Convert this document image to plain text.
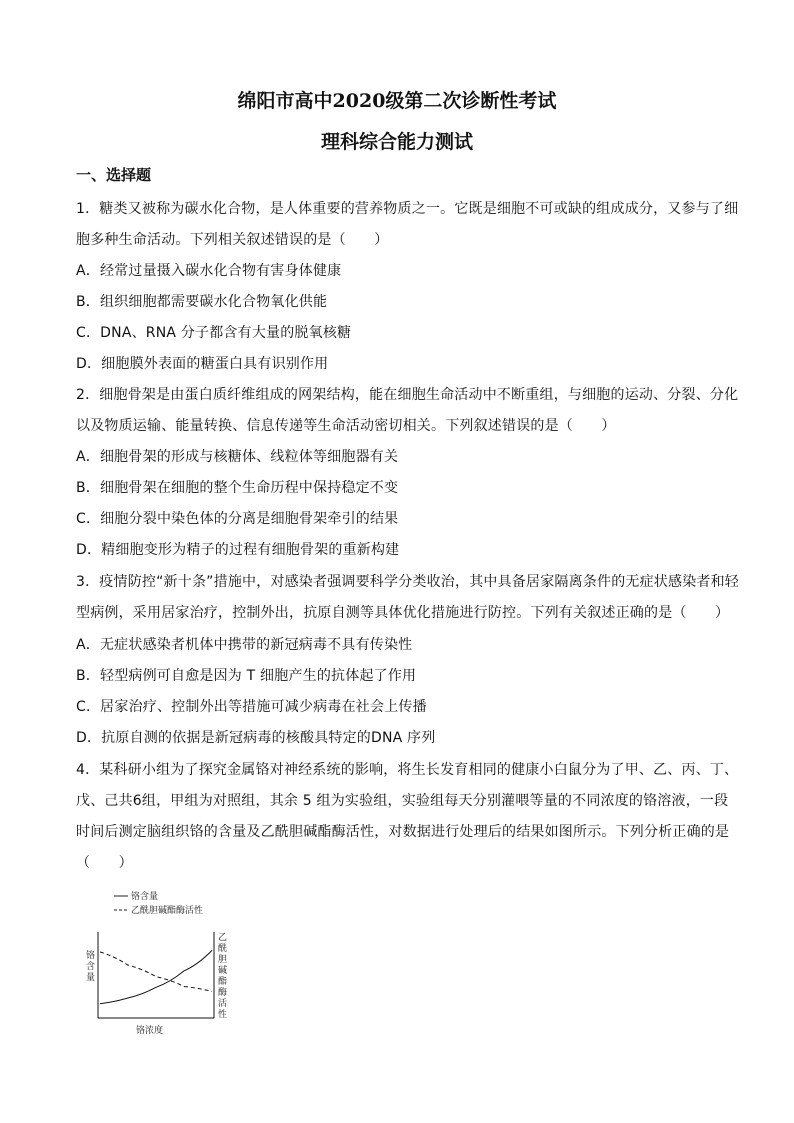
绵阳市高中2020级第二次诊断性考试
理科综合能力测试
一、选择题
1．糖类又被称为碳水化合物，是人体重要的营养物质之一。它既是细胞不可或缺的组成成分，又参与了细
胞多种生命活动。下列相关叙述错误的是（　　）
A．经常过量摄入碳水化合物有害身体健康
B．组织细胞都需要碳水化合物氧化供能
C．DNA、RNA 分子都含有大量的脱氧核糖
D．细胞膜外表面的糖蛋白具有识别作用
2．细胞骨架是由蛋白质纤维组成的网架结构，能在细胞生命活动中不断重组，与细胞的运动、分裂、分化
以及物质运输、能量转换、信息传递等生命活动密切相关。下列叙述错误的是（　　）
A．细胞骨架的形成与核糖体、线粒体等细胞器有关
B．细胞骨架在细胞的整个生命历程中保持稳定不变
C．细胞分裂中染色体的分离是细胞骨架牵引的结果
D．精细胞变形为精子的过程有细胞骨架的重新构建
3．疫情防控“新十条”措施中，对感染者强调要科学分类收治，其中具备居家隔离条件的无症状感染者和轻
型病例，采用居家治疗，控制外出，抗原自测等具体优化措施进行防控。下列有关叙述正确的是（　　）
A．无症状感染者机体中携带的新冠病毒不具有传染性
B．轻型病例可自愈是因为 T 细胞产生的抗体起了作用
C．居家治疗、控制外出等措施可减少病毒在社会上传播
D．抗原自测的依据是新冠病毒的核酸具特定的DNA 序列
4．某科研小组为了探究金属铬对神经系统的影响，将生长发育相同的健康小白鼠分为了甲、乙、丙、丁、
戊、己共6组，甲组为对照组，其余 5 组为实验组，实验组每天分别灌喂等量的不同浓度的铬溶液，一段
时间后测定脑组织铬的含量及乙酰胆碱酯酶活性，对数据进行处理后的结果如图所示。下列分析正确的是
（　　）
铬含量
乙酰胆碱酯酶活性
铬
含
量
乙
酰
胆
碱
酯
酶
活
性
铬浓度
